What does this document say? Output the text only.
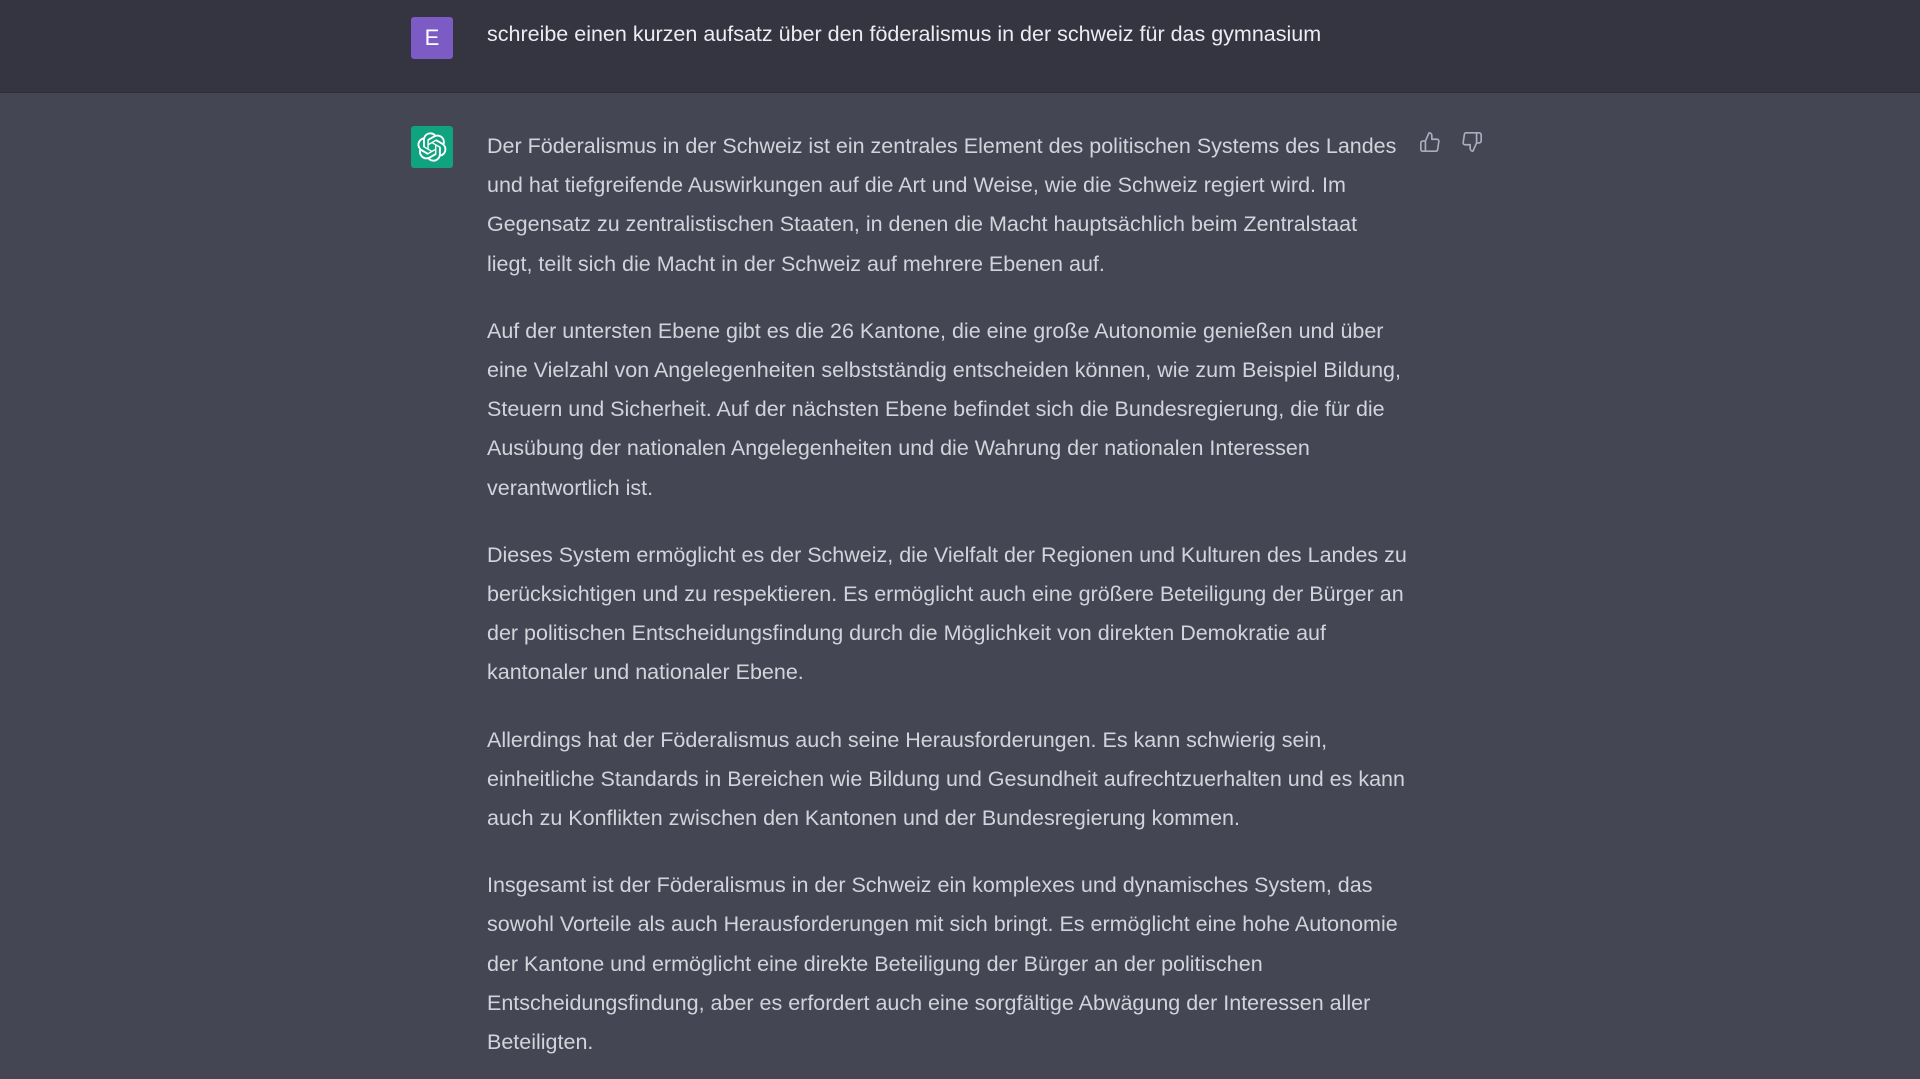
E	schreibe einen kurzen aufsatz über den föderalismus in der schweiz für das gymnasium

Der Föderalismus in der Schweiz ist ein zentrales Element des politischen Systems des Landes und hat tiefgreifende Auswirkungen auf die Art und Weise, wie die Schweiz regiert wird. Im Gegensatz zu zentralistischen Staaten, in denen die Macht hauptsächlich beim Zentralstaat liegt, teilt sich die Macht in der Schweiz auf mehrere Ebenen auf.

Auf der untersten Ebene gibt es die 26 Kantone, die eine große Autonomie genießen und über eine Vielzahl von Angelegenheiten selbstständig entscheiden können, wie zum Beispiel Bildung, Steuern und Sicherheit. Auf der nächsten Ebene befindet sich die Bundesregierung, die für die Ausübung der nationalen Angelegenheiten und die Wahrung der nationalen Interessen verantwortlich ist.

Dieses System ermöglicht es der Schweiz, die Vielfalt der Regionen und Kulturen des Landes zu berücksichtigen und zu respektieren. Es ermöglicht auch eine größere Beteiligung der Bürger an der politischen Entscheidungsfindung durch die Möglichkeit von direkten Demokratie auf kantonaler und nationaler Ebene.

Allerdings hat der Föderalismus auch seine Herausforderungen. Es kann schwierig sein, einheitliche Standards in Bereichen wie Bildung und Gesundheit aufrechtzuerhalten und es kann auch zu Konflikten zwischen den Kantonen und der Bundesregierung kommen.

Insgesamt ist der Föderalismus in der Schweiz ein komplexes und dynamisches System, das sowohl Vorteile als auch Herausforderungen mit sich bringt. Es ermöglicht eine hohe Autonomie der Kantone und ermöglicht eine direkte Beteiligung der Bürger an der politischen Entscheidungsfindung, aber es erfordert auch eine sorgfältige Abwägung der Interessen aller Beteiligten.
